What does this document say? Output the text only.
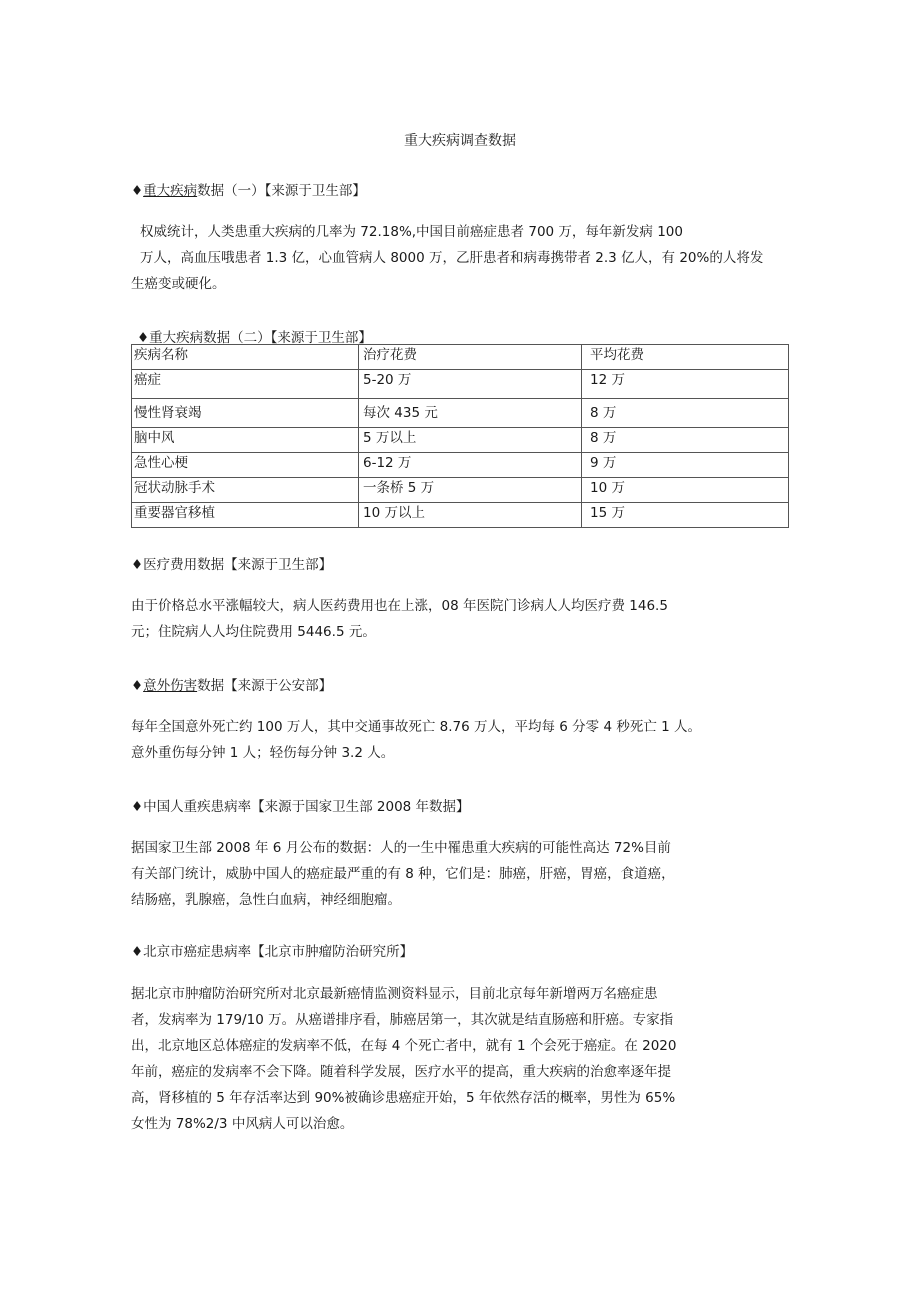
重大疾病调查数据
♦重大疾病数据（一）【来源于卫生部】
权威统计，人类患重大疾病的几率为 72.18%,中国目前癌症患者 700 万，每年新发病 100
万人，高血压哦患者 1.3 亿，心血管病人 8000 万，乙肝患者和病毒携带者 2.3 亿人，有 20%的人将发
生癌变或硬化。
♦重大疾病数据（二）【来源于卫生部】
疾病名称	治疗花费	平均花费
癌症	5-20 万	12 万
慢性肾衰竭	每次 435 元	8 万
脑中风	5 万以上	8 万
急性心梗	6-12 万	9 万
冠状动脉手术	一条桥 5 万	10 万
重要器官移植	10 万以上	15 万
♦医疗费用数据【来源于卫生部】
由于价格总水平涨幅较大，病人医药费用也在上涨，08 年医院门诊病人人均医疗费 146.5
元；住院病人人均住院费用 5446.5 元。
♦意外伤害数据【来源于公安部】
每年全国意外死亡约 100 万人，其中交通事故死亡 8.76 万人，平均每 6 分零 4 秒死亡 1 人。
意外重伤每分钟 1 人；轻伤每分钟 3.2 人。
♦中国人重疾患病率【来源于国家卫生部 2008 年数据】
据国家卫生部 2008 年 6 月公布的数据：人的一生中罹患重大疾病的可能性高达 72%目前
有关部门统计，威胁中国人的癌症最严重的有 8 种，它们是：肺癌，肝癌，胃癌，食道癌，
结肠癌，乳腺癌，急性白血病，神经细胞瘤。
♦北京市癌症患病率【北京市肿瘤防治研究所】
据北京市肿瘤防治研究所对北京最新癌情监测资料显示，目前北京每年新增两万名癌症患
者，发病率为 179/10 万。从癌谱排序看，肺癌居第一，其次就是结直肠癌和肝癌。专家指
出，北京地区总体癌症的发病率不低，在每 4 个死亡者中，就有 1 个会死于癌症。在 2020
年前，癌症的发病率不会下降。随着科学发展，医疗水平的提高，重大疾病的治愈率逐年提
高，肾移植的 5 年存活率达到 90%被确诊患癌症开始，5 年依然存活的概率，男性为 65%
女性为 78%2/3 中风病人可以治愈。
